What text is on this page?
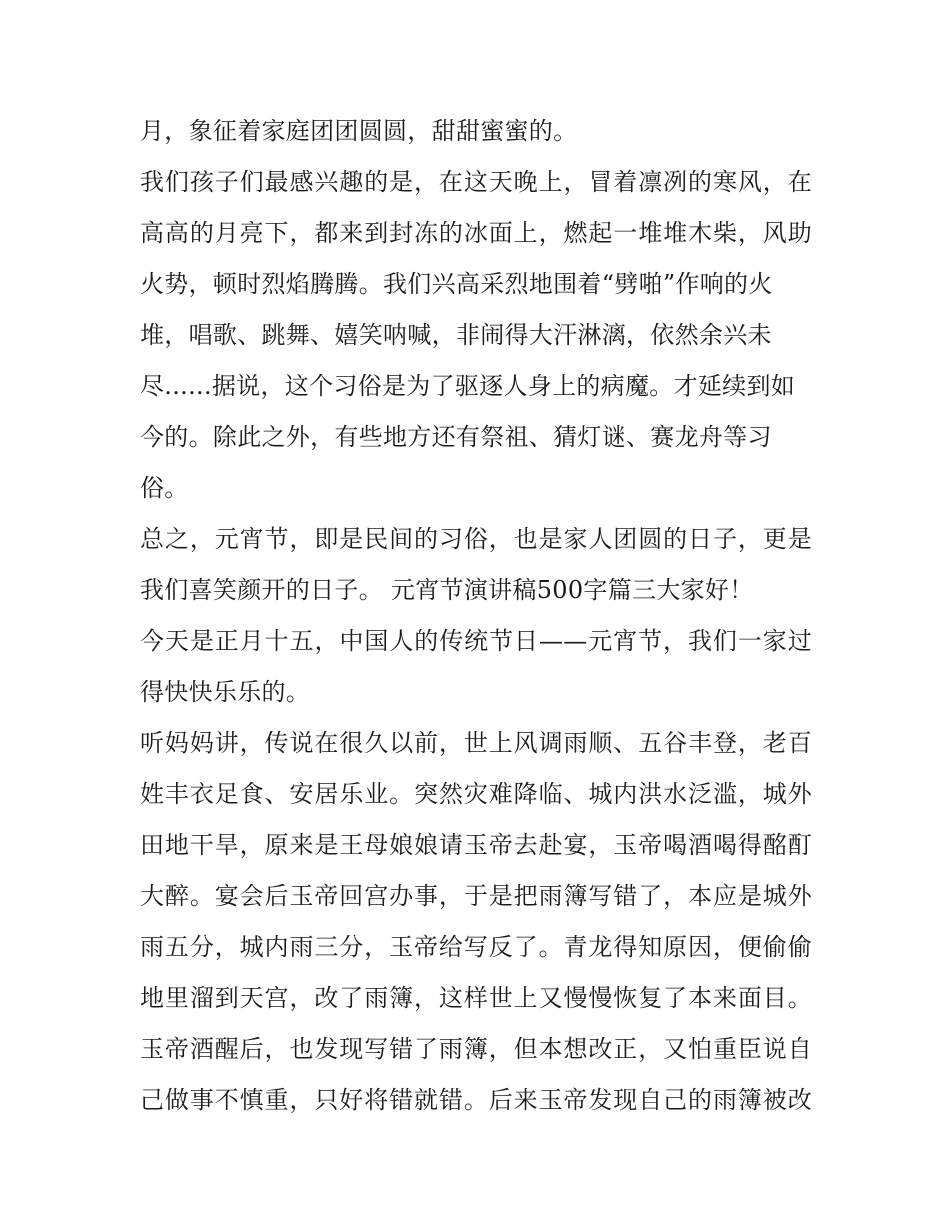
月，象征着家庭团团圆圆，甜甜蜜蜜的。
我们孩子们最感兴趣的是，在这天晚上，冒着凛冽的寒风，在
高高的月亮下，都来到封冻的冰面上，燃起一堆堆木柴，风助
火势，顿时烈焰腾腾。我们兴高采烈地围着“劈啪”作响的火
堆，唱歌、跳舞、嬉笑呐喊，非闹得大汗淋漓，依然余兴未
尽......据说，这个习俗是为了驱逐人身上的病魔。才延续到如
今的。除此之外，有些地方还有祭祖、猜灯谜、赛龙舟等习
俗。
总之，元宵节，即是民间的习俗，也是家人团圆的日子，更是
我们喜笑颜开的日子。 元宵节演讲稿500字篇三大家好！
今天是正月十五，中国人的传统节日——元宵节，我们一家过
得快快乐乐的。
听妈妈讲，传说在很久以前，世上风调雨顺、五谷丰登，老百
姓丰衣足食、安居乐业。突然灾难降临、城内洪水泛滥，城外
田地干旱，原来是王母娘娘请玉帝去赴宴，玉帝喝酒喝得酩酊
大醉。宴会后玉帝回宫办事，于是把雨簿写错了，本应是城外
雨五分，城内雨三分，玉帝给写反了。青龙得知原因，便偷偷
地里溜到天宫，改了雨簿，这样世上又慢慢恢复了本来面目。
玉帝酒醒后，也发现写错了雨簿，但本想改正，又怕重臣说自
己做事不慎重，只好将错就错。后来玉帝发现自己的雨簿被改
